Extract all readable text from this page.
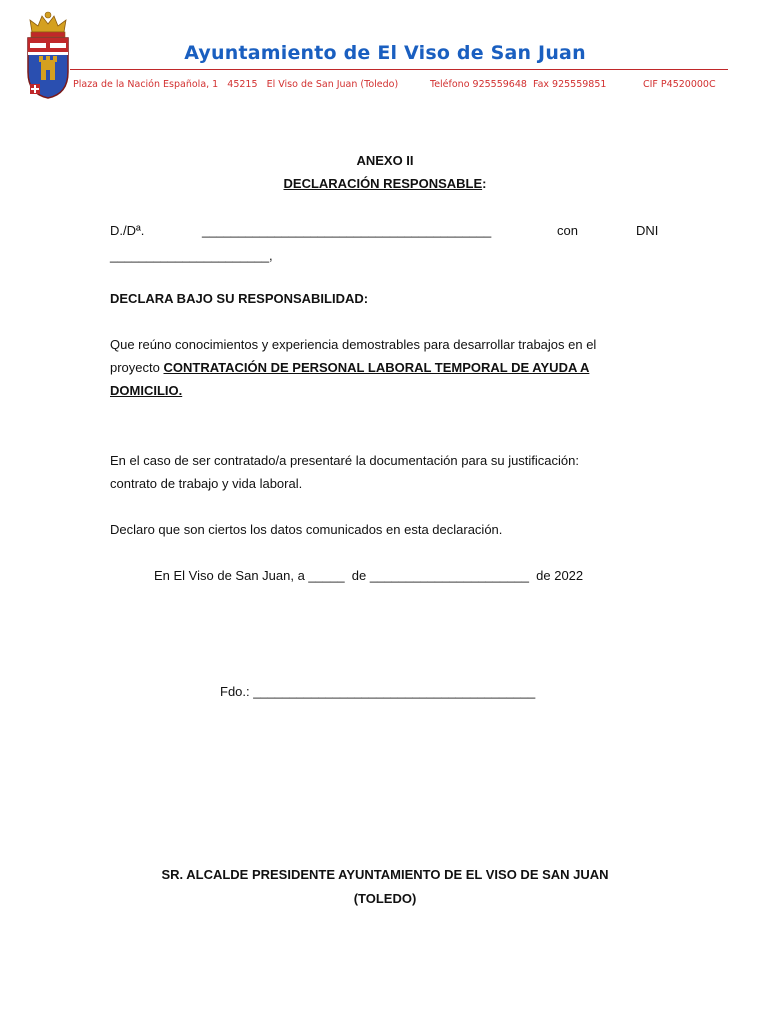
Ayuntamiento de El Viso de San Juan
Plaza de la Nación Española, 1 45215 El Viso de San Juan (Toledo)	Teléfono 925559648 Fax 925559851	CIF P4520000C
ANEXO II
DECLARACIÓN RESPONSABLE:
D./Dª.	________________________________________	con	DNI
______________________,
DECLARA BAJO SU RESPONSABILIDAD:
Que reúno conocimientos y experiencia demostrables para desarrollar trabajos en el
proyecto CONTRATACIÓN DE PERSONAL LABORAL TEMPORAL DE AYUDA A
DOMICILIO.
En el caso de ser contratado/a presentaré la documentación para su justificación:
contrato de trabajo y vida laboral.
Declaro que son ciertos los datos comunicados en esta declaración.
En El Viso de San Juan, a _____  de ______________________  de 2022
Fdo.: _______________________________________
SR. ALCALDE PRESIDENTE AYUNTAMIENTO DE EL VISO DE SAN JUAN
(TOLEDO)
